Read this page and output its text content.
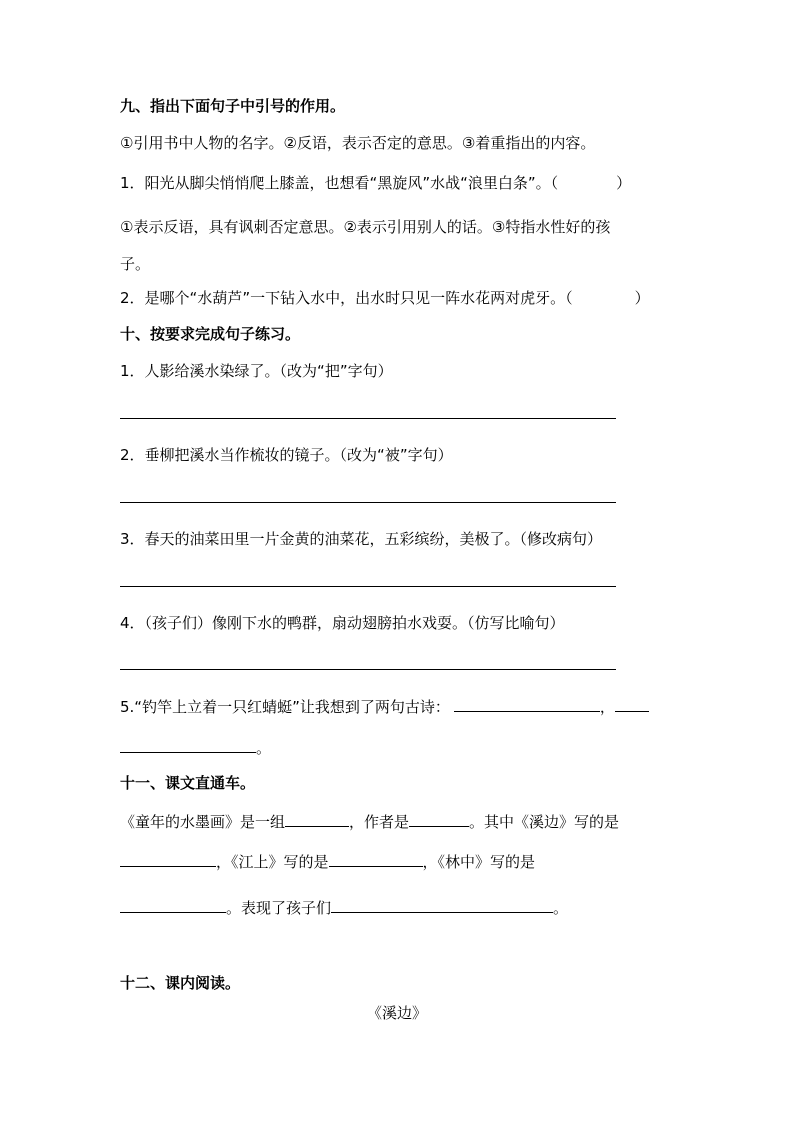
九、指出下面句子中引号的作用。
①引用书中人物的名字。②反语，表示否定的意思。③着重指出的内容。
1．阳光从脚尖悄悄爬上膝盖，也想看“黑旋风”水战“浪里白条”。（	）
①表示反语，具有讽刺否定意思。②表示引用别人的话。③特指水性好的孩
子。
2．是哪个“水葫芦”一下钻入水中，出水时只见一阵水花两对虎牙。（	）
十、按要求完成句子练习。
1．人影给溪水染绿了。（改为“把”字句）
2．垂柳把溪水当作梳妆的镜子。（改为“被”字句）
3．春天的油菜田里一片金黄的油菜花，五彩缤纷，美极了。（修改病句）
4．（孩子们）像刚下水的鸭群，扇动翅膀拍水戏耍。（仿写比喻句）
5.“钓竿上立着一只红蜻蜓”让我想到了两句古诗：	，
。
十一、课文直通车。
《童年的水墨画》是一组	，作者是	。其中《溪边》写的是
，《江上》写的是	，《林中》写的是
。表现了孩子们	。
十二、课内阅读。
《溪边》
